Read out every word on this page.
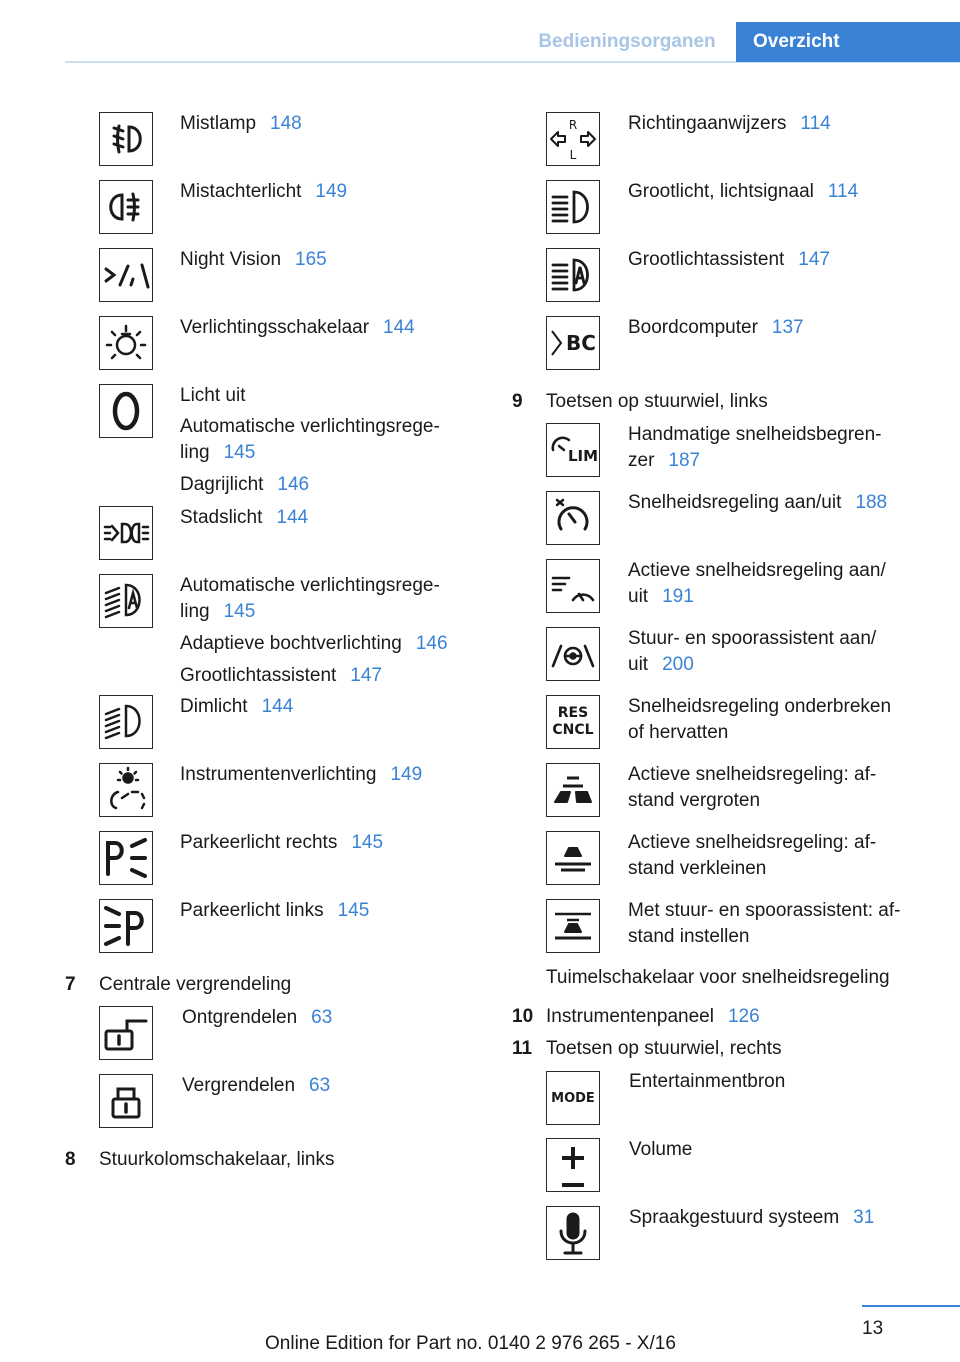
Bedieningsorganen	Overzicht
Mistlamp 148
Mistachterlicht 149
Night Vision 165
Verlichtingsschakelaar 144
Licht uit
Automatische verlichtingsrege-
ling 145
Dagrijlicht 146
Stadslicht 144
Automatische verlichtingsrege-
ling 145
Adaptieve bochtverlichting 146
Grootlichtassistent 147
Dimlicht 144
Instrumentenverlichting 149
Parkeerlicht rechts 145
Parkeerlicht links 145
7	Centrale vergrendeling
Ontgrendelen 63
Vergrendelen 63
8	Stuurkolomschakelaar, links
R
L
Richtingaanwijzers 114
Grootlicht, lichtsignaal 114
Grootlichtassistent 147
BC
Boordcomputer 137
9	Toetsen op stuurwiel, links
LIM
Handmatige snelheidsbegren-
zer 187
Snelheidsregeling aan/uit 188
Actieve snelheidsregeling aan/
uit 191
Stuur- en spoorassistent aan/
uit 200
RES
CNCL
Snelheidsregeling onderbreken
of hervatten
Actieve snelheidsregeling: af-
stand vergroten
Actieve snelheidsregeling: af-
stand verkleinen
Met stuur- en spoorassistent: af-
stand instellen
Tuimelschakelaar voor snelheidsregeling
10 Instrumentenpaneel 126
11 Toetsen op stuurwiel, rechts
MODE
Entertainmentbron
Volume
Spraakgestuurd systeem 31
13
Online Edition for Part no. 0140 2 976 265 - X/16
